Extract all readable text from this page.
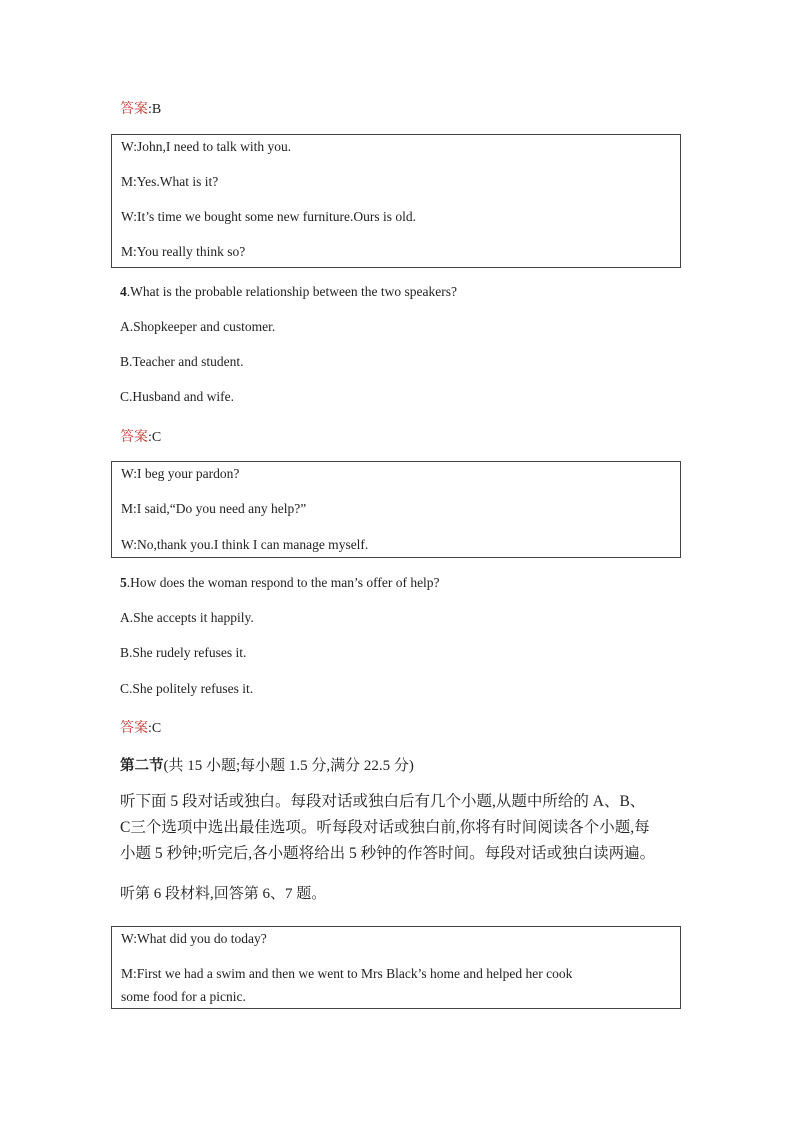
答案:B
W:John,I need to talk with you.
M:Yes.What is it?
W:It’s time we bought some new furniture.Ours is old.
M:You really think so?
4.What is the probable relationship between the two speakers?
A.Shopkeeper and customer.
B.Teacher and student.
C.Husband and wife.
答案:C
W:I beg your pardon?
M:I said,“Do you need any help?”
W:No,thank you.I think I can manage myself.
5.How does the woman respond to the man’s offer of help?
A.She accepts it happily.
B.She rudely refuses it.
C.She politely refuses it.
答案:C
第二节(共 15 小题;每小题 1.5 分,满分 22.5 分)
听下面 5 段对话或独白。每段对话或独白后有几个小题,从题中所给的 A、B、
C三个选项中选出最佳选项。听每段对话或独白前,你将有时间阅读各个小题,每
小题 5 秒钟;听完后,各小题将给出 5 秒钟的作答时间。每段对话或独白读两遍。
听第 6 段材料,回答第 6、7 题。
W:What did you do today?
M:First we had a swim and then we went to Mrs Black’s home and helped her cook
some food for a picnic.
